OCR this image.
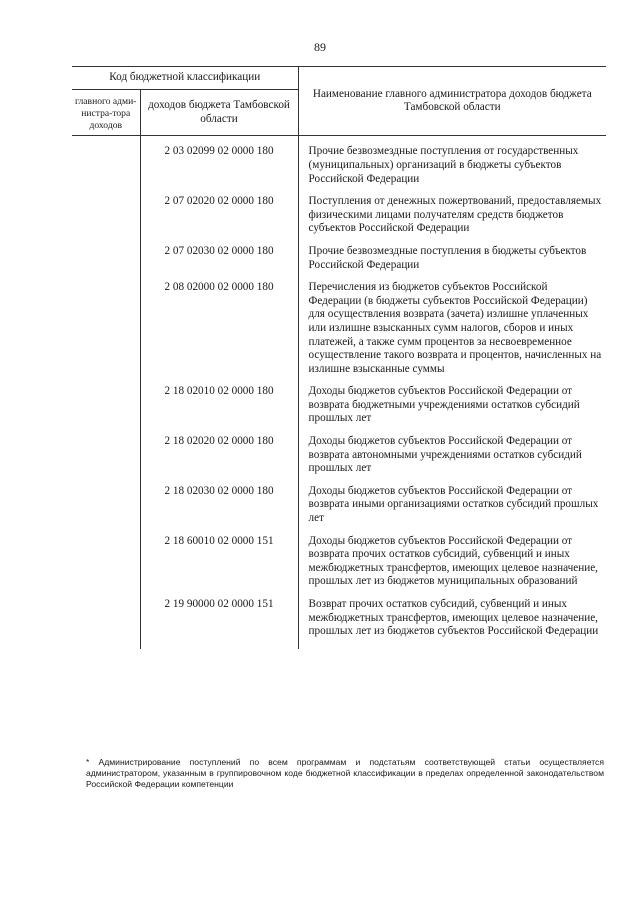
89
Код бюджетной классификации		Наименование главного администратора доходов бюджета Тамбовской области
главного адми-нистра-тора доходов	доходов бюджета Тамбовской области	
	2 03 02099 02 0000 180	Прочие безвозмездные поступления от государственных (муниципальных) организаций в бюджеты субъектов Российской Федерации
	2 07 02020 02 0000 180	Поступления от денежных пожертвований, предоставляемых физическими лицами получателям средств бюджетов субъектов Российской Федерации
	2 07 02030 02 0000 180	Прочие безвозмездные поступления в бюджеты субъектов Российской Федерации
	2 08 02000 02 0000 180	Перечисления из бюджетов субъектов Российской Федерации (в бюджеты субъектов Российской Федерации) для осуществления возврата (зачета) излишне уплаченных или излишне взысканных сумм налогов, сборов и иных платежей, а также сумм процентов за несвоевременное осуществление такого возврата и процентов, начисленных на излишне взысканные суммы
	2 18 02010 02 0000 180	Доходы бюджетов субъектов Российской Федерации от возврата бюджетными учреждениями остатков субсидий прошлых лет
	2 18 02020 02 0000 180	Доходы бюджетов субъектов Российской Федерации от возврата автономными учреждениями остатков субсидий прошлых лет
	2 18 02030 02 0000 180	Доходы бюджетов субъектов Российской Федерации от возврата иными организациями остатков субсидий прошлых лет
	2 18 60010 02 0000 151	Доходы бюджетов субъектов Российской Федерации от возврата прочих остатков субсидий, субвенций и иных межбюджетных трансфертов, имеющих целевое назначение, прошлых лет из бюджетов муниципальных образований
	2 19 90000 02 0000 151	Возврат прочих остатков субсидий, субвенций и иных межбюджетных трансфертов, имеющих целевое назначение, прошлых лет из бюджетов субъектов Российской Федерации
* Администрирование поступлений по всем программам и подстатьям соответствующей статьи осуществляется администратором, указанным в группировочном коде бюджетной классификации в пределах определенной законодательством Российской Федерации компетенции
